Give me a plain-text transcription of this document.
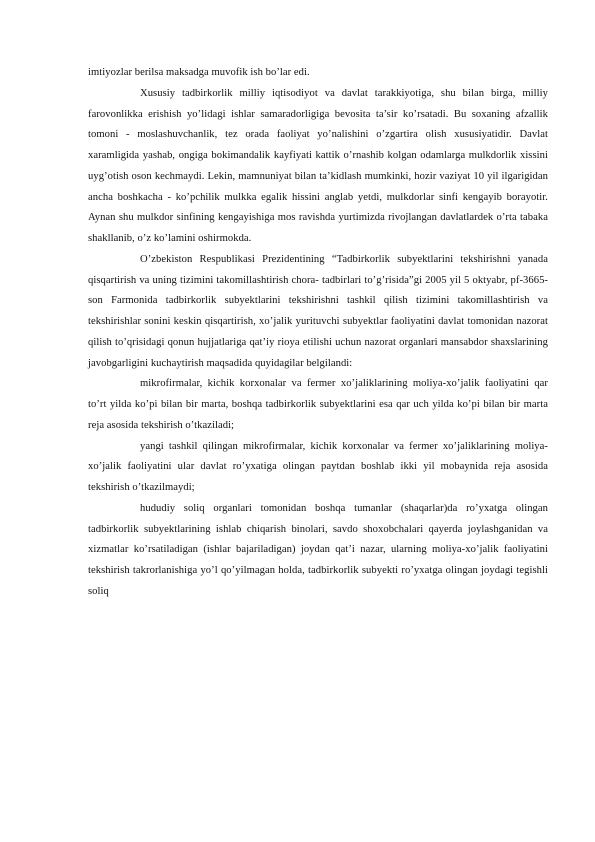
imtiyozlar berilsa maksadga muvofik ish bo’lar edi.

Xususiy tadbirkorlik milliy iqtisodiyot va davlat tarakkiyotiga, shu bilan birga, milliy farovonlikka erishish yo’lidagi ishlar samaradorligiga bevosita ta’sir ko’rsatadi. Bu soxaning afzallik tomoni - moslashuvchanlik, tez orada faoliyat yo’nalishini o’zgartira olish xususiyatidir. Davlat xaramligida yashab, ongiga bokimandalik kayfiyati kattik o’rnashib kolgan odamlarga mulkdorlik xissini uyg’otish oson kechmaydi. Lekin, mamnuniyat bilan ta’kidlash mumkinki, hozir vaziyat 10 yil ilgarigidan ancha boshkacha - ko’pchilik mulkka egalik hissini anglab yetdi, mulkdorlar sinfi kengayib borayotir. Aynan shu mulkdor sinfining kengayishiga mos ravishda yurtimizda rivojlangan davlatlardek o’rta tabaka shakllanib, o’z ko’lamini oshirmokda.

O’zbekiston Respublikasi Prezidentining “Tadbirkorlik subyektlarini tekshirishni yanada qisqartirish va uning tizimini takomillashtirish chora- tadbirlari to’g’risida”gi 2005 yil 5 oktyabr, pf-3665-son Farmonida tadbirkorlik subyektlarini tekshirishni tashkil qilish tizimini takomillashtirish va tekshirishlar sonini keskin qisqartirish, xo’jalik yurituvchi subyektlar faoliyatini davlat tomonidan nazorat qilish to’qrisidagi qonun hujjatlariga qat’iy rioya etilishi uchun nazorat organlari mansabdor shaxslarining javobgarligini kuchaytirish maqsadida quyidagilar belgilandi:

mikrofirmalar, kichik korxonalar va fermer xo’jaliklarining moliya-xo’jalik faoliyatini qar to’rt yilda ko’pi bilan bir marta, boshqa tadbirkorlik subyektlarini esa qar uch yilda ko’pi bilan bir marta reja asosida tekshirish o’tkaziladi;

yangi tashkil qilingan mikrofirmalar, kichik korxonalar va fermer xo’jaliklarining moliya-xo’jalik faoliyatini ular davlat ro’yxatiga olingan paytdan boshlab ikki yil mobaynida reja asosida tekshirish o’tkazilmaydi;

hududiy soliq organlari tomonidan boshqa tumanlar (shaqarlar)da ro’yxatga olingan tadbirkorlik subyektlarining ishlab chiqarish binolari, savdo shoxobchalari qayerda joylashganidan va xizmatlar ko’rsatiladigan (ishlar bajariladigan) joydan qat’i nazar, ularning moliya-xo’jalik faoliyatini tekshirish takrorlanishiga yo’l qo’yilmagan holda, tadbirkorlik subyekti ro’yxatga olingan joydagi tegishli soliq
